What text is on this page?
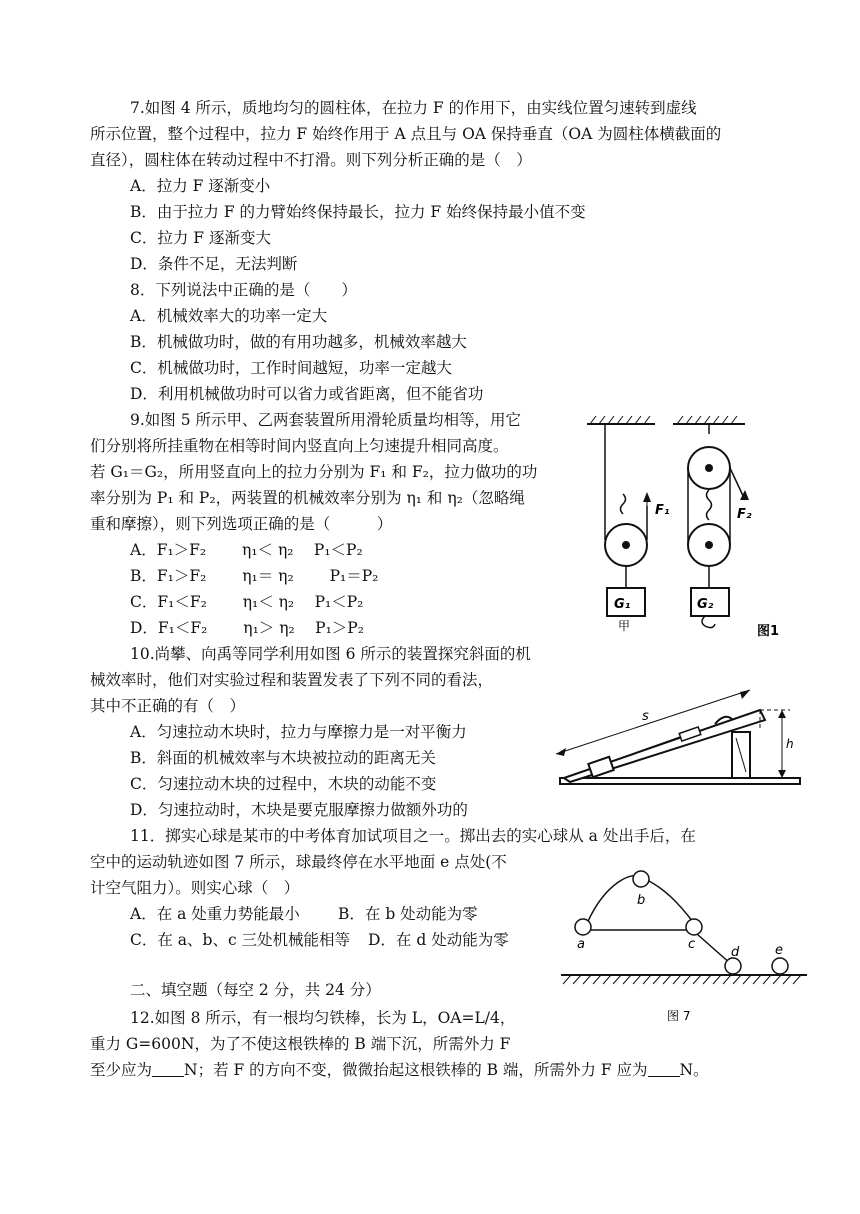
7.如图 4 所示，质地均匀的圆柱体，在拉力 F 的作用下，由实线位置匀速转到虚线
所示位置，整个过程中，拉力 F 始终作用于 A 点且与 OA 保持垂直（OA 为圆柱体横截面的
直径），圆柱体在转动过程中不打滑。则下列分析正确的是（　）
A．拉力 F 逐渐变小
B．由于拉力 F 的力臂始终保持最长，拉力 F 始终保持最小值不变
C．拉力 F 逐渐变大
D．条件不足，无法判断
8．下列说法中正确的是（　　）
A．机械效率大的功率一定大
B．机械做功时，做的有用功越多，机械效率越大
C．机械做功时，工作时间越短，功率一定越大
D．利用机械做功时可以省力或省距离，但不能省功
9.如图 5 所示甲、乙两套装置所用滑轮质量均相等，用它
们分别将所挂重物在相等时间内竖直向上匀速提升相同高度。
若 G₁＝G₂，所用竖直向上的拉力分别为 F₁ 和 F₂，拉力做功的功
率分别为 P₁ 和 P₂，两装置的机械效率分别为 η₁ 和 η₂（忽略绳
重和摩擦），则下列选项正确的是（　　　）
A．F₁＞F₂　　 η₁＜ η₂　 P₁＜P₂
B．F₁＞F₂　　 η₁＝ η₂　　 P₁＝P₂
C．F₁＜F₂　　 η₁＜ η₂　 P₁＜P₂
D．F₁＜F₂　　 η₁＞ η₂　 P₁＞P₂
F₁
G₁
甲
F₂
G₂
图1
10.尚攀、向禹等同学利用如图 6 所示的装置探究斜面的机
械效率时，他们对实验过程和装置发表了下列不同的看法，
其中不正确的有（　）
A．匀速拉动木块时，拉力与摩擦力是一对平衡力
B．斜面的机械效率与木块被拉动的距离无关
C．匀速拉动木块的过程中，木块的动能不变
D．匀速拉动时，木块是要克服摩擦力做额外功的
s
h
11．掷实心球是某市的中考体育加试项目之一。掷出去的实心球从 a 处出手后，在
空中的运动轨迹如图 7 所示，球最终停在水平地面 e 点处(不
计空气阻力）。则实心球（　）
A．在 a 处重力势能最小 B．在 b 处动能为零
C．在 a、b、c 三处机械能相等 D．在 d 处动能为零	a
b
c
d	e
图 7
二、填空题（每空 2 分，共 24 分）
12.如图 8 所示，有一根均匀铁棒，长为 L，OA=L/4，
重力 G=600N，为了不使这根铁棒的 B 端下沉，所需外力 F
至少应为 N；若 F 的方向不变，微微抬起这根铁棒的 B 端，所需外力 F 应为 N。
